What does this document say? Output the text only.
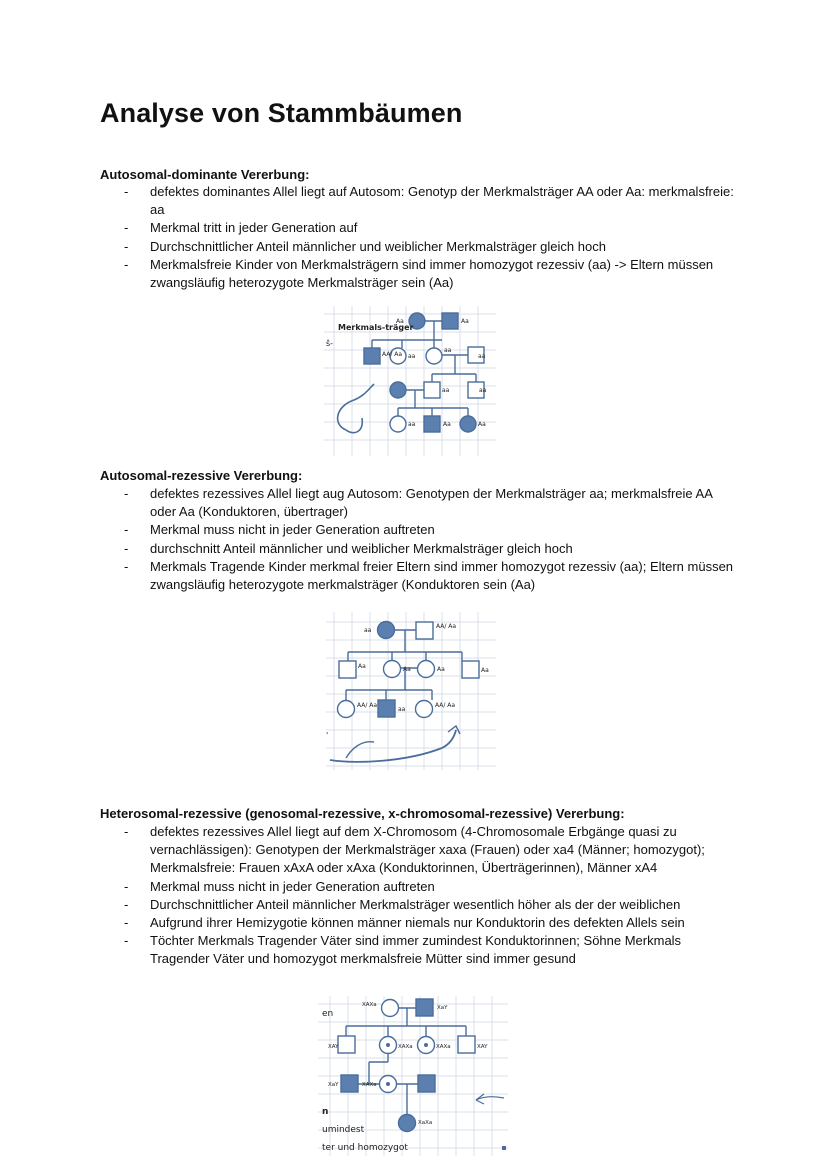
Analyse von Stammbäumen
Autosomal-dominante Vererbung:
- defektes dominantes Allel liegt auf Autosom: Genotyp der Merkmalsträger AA oder Aa: merkmalsfreie: aa
- Merkmal tritt in jeder Generation auf
- Durchschnittlicher Anteil männlicher und weiblicher Merkmalsträger gleich hoch
- Merkmalsfreie Kinder von Merkmalsträgern sind immer homozygot rezessiv (aa) -> Eltern müssen zwangsläufig heterozygote Merkmalsträger sein (Aa)
Merkmals-träger
ŝ-
Aa	Aa
AA/ Aa aa
aa
aa
aa	aa
aa	Aa	Aa
Autosomal-rezessive Vererbung:
- defektes rezessives Allel liegt aug Autosom: Genotypen der Merkmalsträger aa; merkmalsfreie AA oder Aa (Konduktoren, übertrager)
- Merkmal muss nicht in jeder Generation auftreten
- durchschnitt Anteil männlicher und weiblicher Merkmalsträger gleich hoch
- Merkmals Tragende Kinder merkmal freier Eltern sind immer homozygot rezessiv (aa); Eltern müssen zwangsläufig heterozygote merkmalsträger (Konduktoren sein (Aa)
'
aa
AA/ Aa
Aa	Aa	Aa	Aa
AA/ Aa
aa
AA/ Aa
Heterosomal-rezessive (genosomal-rezessive, x-chromosomal-rezessive) Vererbung:
- defektes rezessives Allel liegt auf dem X-Chromosom (4-Chromosomale Erbgänge quasi zu vernachlässigen): Genotypen der Merkmalsträger xaxa (Frauen) oder xa4 (Männer; homozygot); Merkmalsfreie: Frauen xAxA oder xAxa (Konduktorinnen, Überträgerinnen), Männer xA4
- Merkmal muss nicht in jeder Generation auftreten
- Durchschnittlicher Anteil männlicher Merkmalsträger wesentlich höher als der der weiblichen
- Aufgrund ihrer Hemizygotie können männer niemals nur Konduktorin des defekten Allels sein
- Töchter Merkmals Tragender Väter sind immer zumindest Konduktorinnen; Söhne Merkmals Tragender Väter und homozygot merkmalsfreie Mütter sind immer gesund
en
n
umindest
ter und homozygot
XAXa	XaY
XAY	XAXa	XAXa	XAY
XaY	XAXa
XaXa
